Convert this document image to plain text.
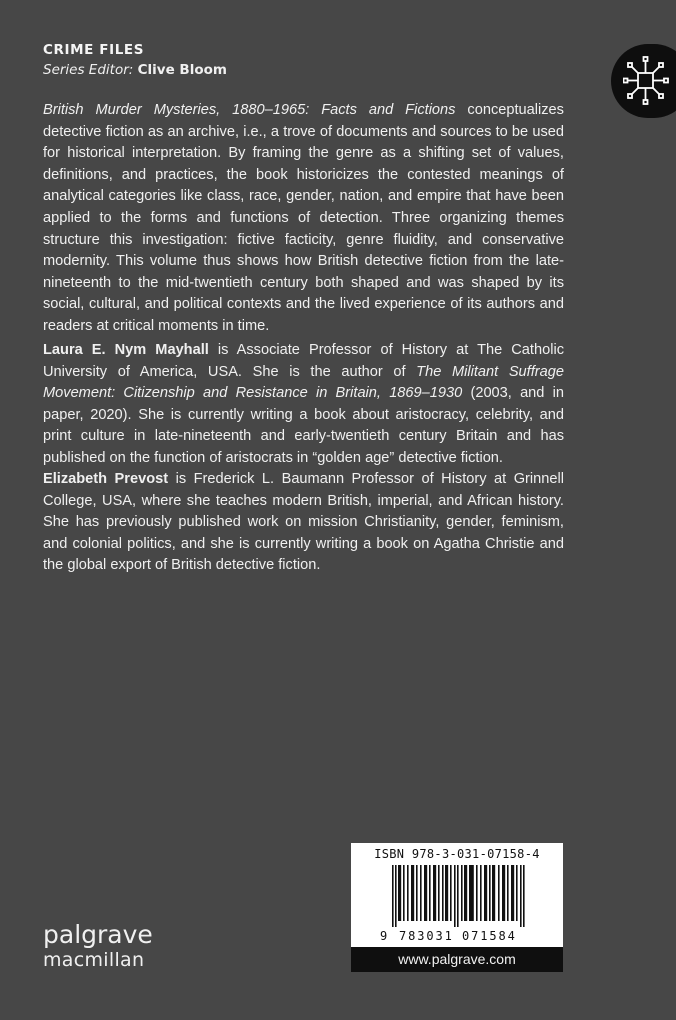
CRIME FILES
Series Editor: Clive Bloom
British Murder Mysteries, 1880–1965: Facts and Fictions conceptualizes detective fiction as an archive, i.e., a trove of documents and sources to be used for historical interpretation. By framing the genre as a shifting set of values, definitions, and practices, the book historicizes the contested meanings of analytical categories like class, race, gender, nation, and empire that have been applied to the forms and functions of detection. Three organizing themes structure this investigation: fictive facticity, genre fluidity, and conservative modernity. This volume thus shows how British detective fiction from the late-nineteenth to the mid-twentieth century both shaped and was shaped by its social, cultural, and political contexts and the lived experience of its authors and readers at critical moments in time.
Laura E. Nym Mayhall is Associate Professor of History at The Catholic University of America, USA. She is the author of The Militant Suffrage Movement: Citizenship and Resistance in Britain, 1869–1930 (2003, and in paper, 2020). She is currently writing a book about aristocracy, celebrity, and print culture in late-nineteenth and early-twentieth century Britain and has published on the function of aristocrats in “golden age” detective fiction.
Elizabeth Prevost is Frederick L. Baumann Professor of History at Grinnell College, USA, where she teaches modern British, imperial, and African history. She has previously published work on mission Christianity, gender, feminism, and colonial politics, and she is currently writing a book on Agatha Christie and the global export of British detective fiction.
palgrave
macmillan
ISBN 978-3-031-07158-4
9 783031 071584
www.palgrave.com
